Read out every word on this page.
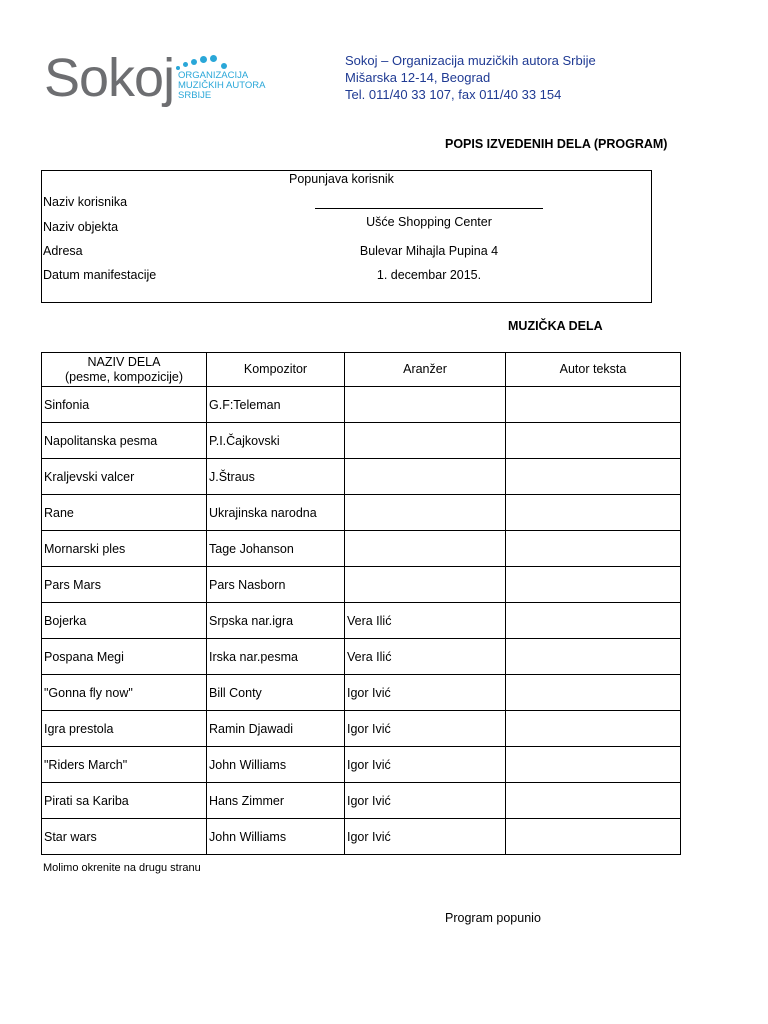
Sokoj ORGANIZACIJA
MUZIČKIH AUTORA
SRBIJE
Sokoj – Organizacija muzičkih autora Srbije
Mišarska 12-14, Beograd
Tel. 011/40 33 107, fax 011/40 33 154
POPIS IZVEDENIH DELA (PROGRAM)
Popunjava korisnik
Naziv korisnika
Naziv objekta	Ušće Shopping Center
Adresa	Bulevar Mihajla Pupina 4
Datum manifestacije	1. decembar 2015.
MUZIČKA DELA
NAZIV DELA
(pesme, kompozicije)	Kompozitor	Aranžer	Autor teksta
Sinfonia	G.F:Teleman		
Napolitanska pesma	P.I.Čajkovski		
Kraljevski valcer	J.Štraus		
Rane	Ukrajinska narodna		
Mornarski ples	Tage Johanson		
Pars Mars	Pars Nasborn		
Bojerka	Srpska nar.igra	Vera Ilić	
Pospana Megi	Irska nar.pesma	Vera Ilić	
"Gonna fly now"	Bill Conty	Igor Ivić	
Igra prestola	Ramin Djawadi	Igor Ivić	
"Riders March"	John Williams	Igor Ivić	
Pirati sa Kariba	Hans Zimmer	Igor Ivić	
Star wars	John Williams	Igor Ivić	
Molimo okrenite na drugu stranu
Program popunio
